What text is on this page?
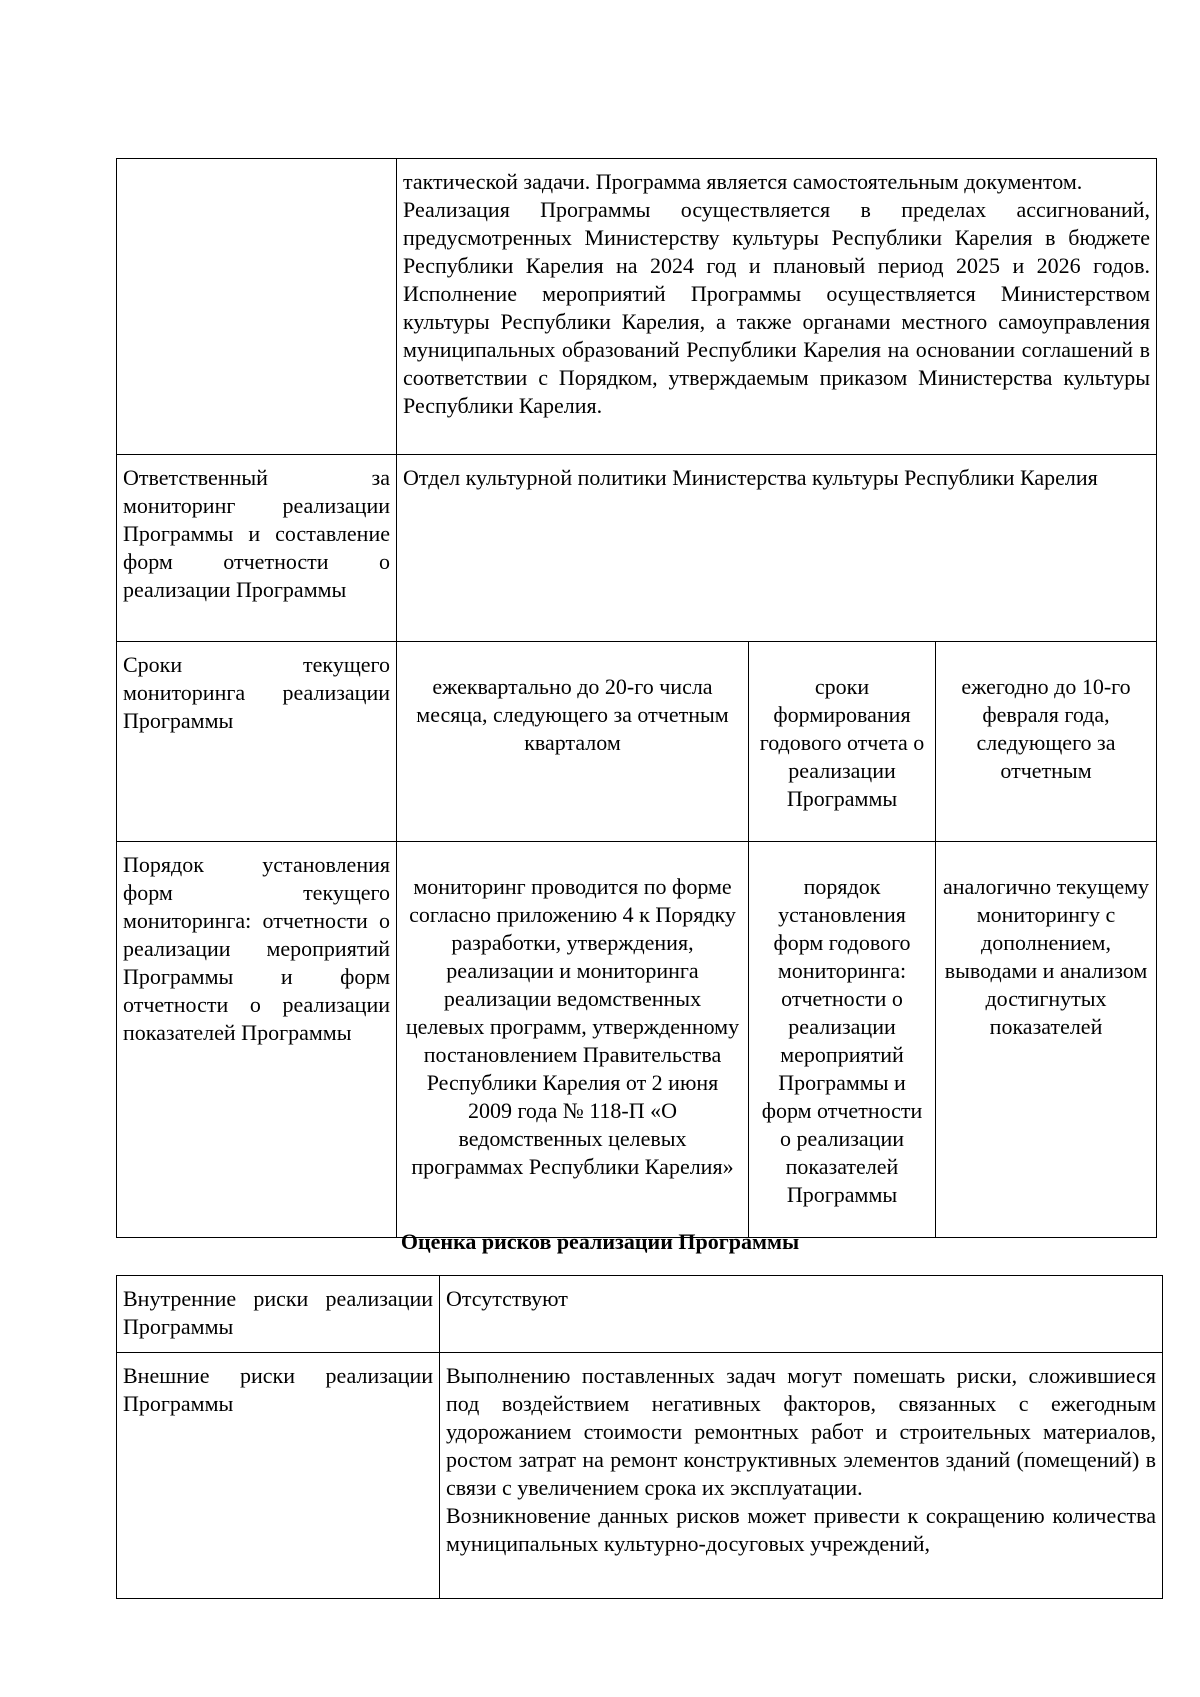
	тактической задачи. Программа является самостоятельным документом.

Реализация Программы осуществляется в пределах ассигнований, предусмотренных Министерству культуры Республики Карелия в бюджете Республики Карелия на 2024 год и плановый период 2025 и 2026 годов. Исполнение мероприятий Программы осуществляется Министерством культуры Республики Карелия, а также органами местного самоуправления муниципальных образований Республики Карелия на основании соглашений в соответствии с Порядком, утверждаемым приказом Министерства культуры Республики Карелия.		

Ответственный за мониторинг реализации Программы и составление форм отчетности о реализации Программы	Отдел культурной политики Министерства культуры Республики Карелия		

Сроки текущего мониторинга реализации Программы	ежеквартально до 20-го числа месяца, следующего за отчетным кварталом	сроки формирования годового отчета о реализации Программы	ежегодно до 10-го февраля года, следующего за отчетным

Порядок установления форм текущего мониторинга: отчетности о реализации мероприятий Программы и форм отчетности о реализации показателей Программы	мониторинг проводится по форме согласно приложению 4 к Порядку разработки, утверждения, реализации и мониторинга реализации ведомственных целевых программ, утвержденному постановлением Правительства Республики Карелия от 2 июня 2009 года № 118-П «О ведомственных целевых программах Республики Карелия»	порядок установления форм годового мониторинга: отчетности о реализации мероприятий Программы и форм отчетности о реализации показателей Программы	аналогично текущему мониторингу с дополнением, выводами и анализом достигнутых показателей

Оценка рисков реализации Программы

Внутренние риски реализации Программы	Отсутствуют

Внешние риски реализации Программы	Выполнению поставленных задач могут помешать риски, сложившиеся под воздействием негативных факторов, связанных с ежегодным удорожанием стоимости ремонтных работ и строительных материалов, ростом затрат на ремонт конструктивных элементов зданий (помещений) в связи с увеличением срока их эксплуатации.

Возникновение данных рисков может привести к сокращению количества муниципальных культурно-досуговых учреждений,
